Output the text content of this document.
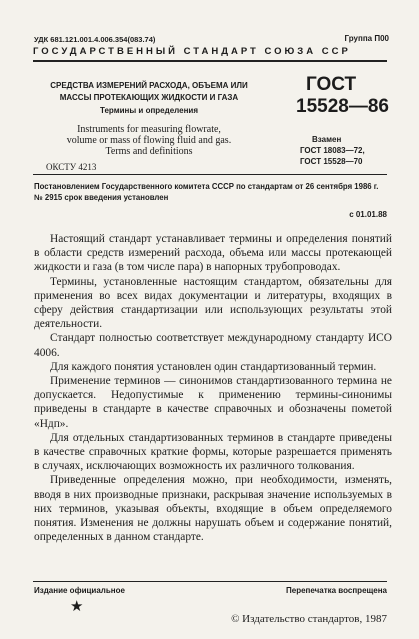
УДК 681.121.001.4.006.354(083.74)	Группа П00
ГОСУДАРСТВЕННЫЙ СТАНДАРТ СОЮЗА ССР
СРЕДСТВА ИЗМЕРЕНИЙ РАСХОДА, ОБЪЕМА ИЛИ
МАССЫ ПРОТЕКАЮЩИХ ЖИДКОСТИ И ГАЗА
Термины и определения
Instruments for measuring flowrate,
volume or mass of flowing fluid and gas.
Terms and definitions
ОКСТУ 4213
ГОСТ
15528—86
Взамен
ГОСТ 18083—72,
ГОСТ 15528—70
Постановлением Государственного комитета СССР по стандартам от 26 сентября 1986 г. № 2915 срок введения установлен
с 01.01.88

Настоящий стандарт устанавливает термины и определения понятий в области средств измерений расхода, объема или массы протекающей жидкости и газа (в том числе пара) в напорных трубопроводах.

Термины, установленные настоящим стандартом, обязательны для применения во всех видах документации и литературы, входящих в сферу действия стандартизации или использующих результаты этой деятельности.

Стандарт полностью соответствует международному стандарту ИСО 4006.

Для каждого понятия установлен один стандартизованный термин.

Применение терминов — синонимов стандартизованного термина не допускается. Недопустимые к применению термины-синонимы приведены в стандарте в качестве справочных и обозначены пометой «Ндп».

Для отдельных стандартизованных терминов в стандарте приведены в качестве справочных краткие формы, которые разрешается применять в случаях, исключающих возможность их различного толкования.

Приведенные определения можно, при необходимости, изменять, вводя в них производные признаки, раскрывая значение используемых в них терминов, указывая объекты, входящие в объем определяемого понятия. Изменения не должны нарушать объем и содержание понятий, определенных в данном стандарте.

Издание официальное	Перепечатка воспрещена
★
© Издательство стандартов, 1987
